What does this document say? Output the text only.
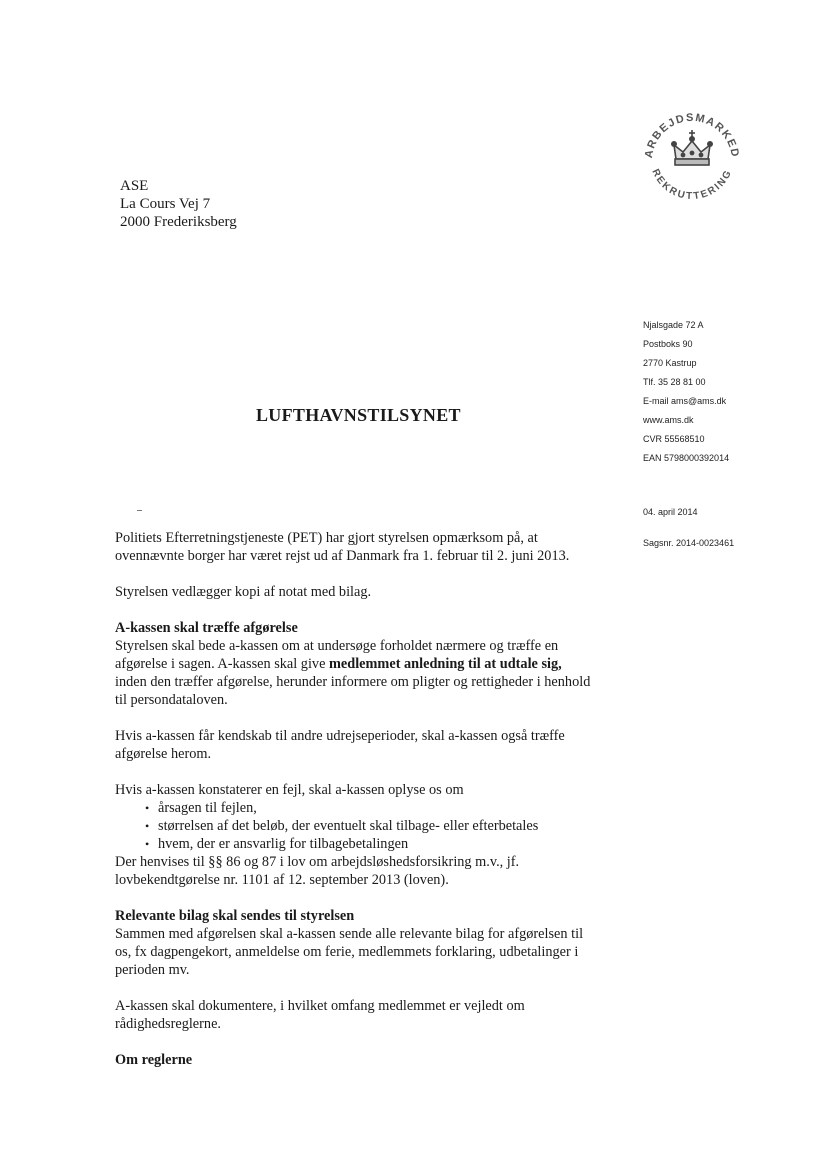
ARBEJDSMARKED
REKRUTTERING
ASE
La Cours Vej 7
2000 Frederiksberg
Njalsgade 72 A
Postboks 90
2770 Kastrup
Tlf. 35 28 81 00
E-mail ams@ams.dk
www.ams.dk
CVR 55568510
EAN 5798000392014
04. april 2014
Sagsnr. 2014-0023461
LUFTHAVNSTILSYNET

Politiets Efterretningstjeneste (PET) har gjort styrelsen opmærksom på, at

ovennævnte borger har været rejst ud af Danmark fra 1. februar til 2. juni 2013.

Styrelsen vedlægger kopi af notat med bilag.

A-kassen skal træffe afgørelse

Styrelsen skal bede a-kassen om at undersøge forholdet nærmere og træffe en

afgørelse i sagen. A-kassen skal give medlemmet anledning til at udtale sig,

inden den træffer afgørelse, herunder informere om pligter og rettigheder i henhold

til persondataloven.

Hvis a-kassen får kendskab til andre udrejseperioder, skal a-kassen også træffe

afgørelse herom.

Hvis a-kassen konstaterer en fejl, skal a-kassen oplyse os om

• årsagen til fejlen,
• størrelsen af det beløb, der eventuelt skal tilbage- eller efterbetales
• hvem, der er ansvarlig for tilbagebetalingen

Der henvises til §§ 86 og 87 i lov om arbejdsløshedsforsikring m.v., jf.

lovbekendtgørelse nr. 1101 af 12. september 2013 (loven).

Relevante bilag skal sendes til styrelsen

Sammen med afgørelsen skal a-kassen sende alle relevante bilag for afgørelsen til

os, fx dagpengekort, anmeldelse om ferie, medlemmets forklaring, udbetalinger i

perioden mv.

A-kassen skal dokumentere, i hvilket omfang medlemmet er vejledt om

rådighedsreglerne.

Om reglerne
